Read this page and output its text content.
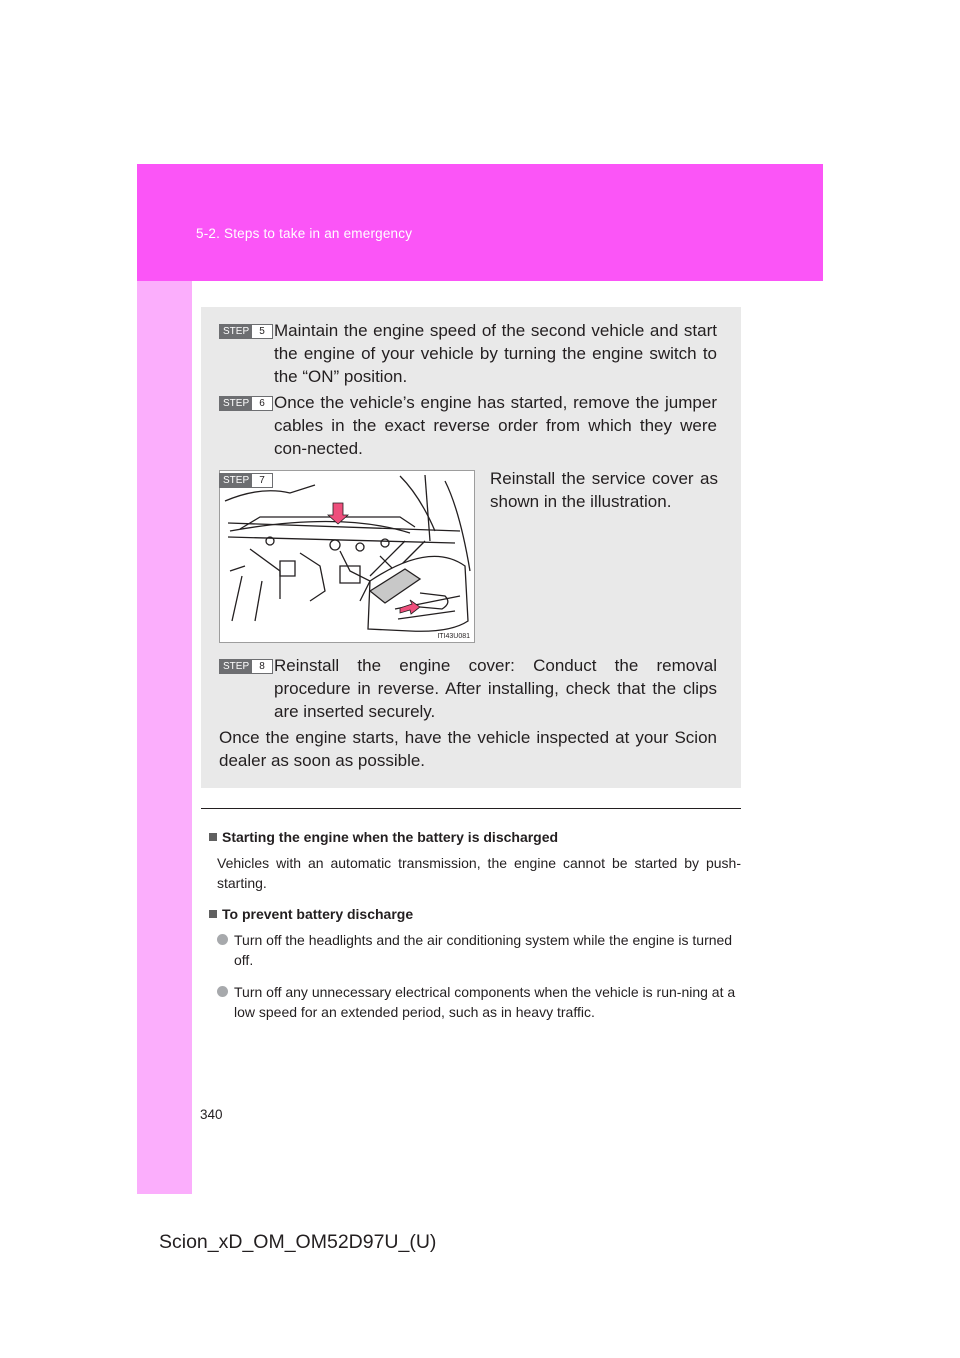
5-2. Steps to take in an emergency
STEP	5 Maintain the engine speed of the second vehicle and start the engine of your vehicle by turning the engine switch to the “ON” position.

STEP	6 Once the vehicle’s engine has started, remove the jumper cables in the exact reverse order from which they were con-nected.

ITI43U081
STEP	7	Reinstall the service cover as shown in the illustration.
STEP	8 Reinstall the engine cover: Conduct the removal procedure in reverse. After installing, check that the clips are inserted securely.

Once the engine starts, have the vehicle inspected at your Scion dealer as soon as possible.
Starting the engine when the battery is discharged
Vehicles with an automatic transmission, the engine cannot be started by push-starting.
To prevent battery discharge
Turn off the headlights and the air conditioning system while the engine is turned off.
Turn off any unnecessary electrical components when the vehicle is run-ning at a low speed for an extended period, such as in heavy traffic.
340
Scion_xD_OM_OM52D97U_(U)
